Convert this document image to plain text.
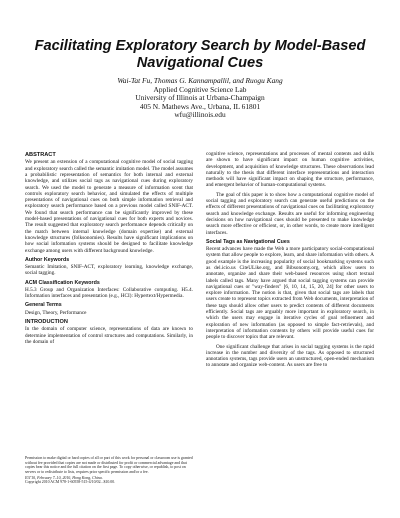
Facilitating Exploratory Search by Model-Based Navigational Cues
Wai-Tat Fu, Thomas G. Kannampallil, and Ruogu Kang
Applied Cognitive Science Lab
University of Illinois at Urbana-Champaign
405 N. Mathews Ave., Urbana, IL 61801
wfu@illinois.edu
ABSTRACT

We present an extension of a computational cognitive model of social tagging and exploratory search called the semantic imitation model. The model assumes a probabilistic representation of semantics for both internal and external knowledge, and utilizes social tags as navigational cues during exploratory search. We used the model to generate a measure of information scent that controls exploratory search behavior, and simulated the effects of multiple presentations of navigational cues on both simple information retrieval and exploratory search performance based on a previous model called SNIF-ACT. We found that search performance can be significantly improved by these model-based presentations of navigational cues for both experts and novices. The result suggested that exploratory search performance depends critically on the match between internal knowledge (domain expertise) and external knowledge structures (folksonomies). Results have significant implications on how social information systems should be designed to facilitate knowledge exchange among users with different background knowledge.

Author Keywords

Semantic Imitation, SNIF-ACT, exploratory learning, knowledge exchange, social tagging.

ACM Classification Keywords

H.5.3 Group and Organization Interfaces: Collaborative computing. H5.4. Information interfaces and presentation (e.g., HCI): Hypertext/Hypermedia.

General Terms

Design, Theory, Performance

INTRODUCTION

In the domain of computer science, representations of data are known to determine implementation of control structures and computations. Similarly, in the domain of

Permission to make digital or hard copies of all or part of this work for personal or classroom use is granted without fee provided that copies are not made or distributed for profit or commercial advantage and that copies bear this notice and the full citation on the first page. To copy otherwise, or republish, to post on servers or to redistribute to lists, requires prior specific permission and/or a fee.

IUI'10, February 7–10, 2010, Hong Kong, China.

Copyright 2010 ACM 978-1-60558-515-4/10/02...$10.00.

cognitive science, representations and processes of mental contents and skills are shown to have significant impact on human cognitive activities, development, and acquisition of knowledge structures. These observations lead naturally to the thesis that different interface representations and interaction methods will have significant impact on shaping the structure, performance, and emergent behavior of human-computational systems.

The goal of this paper is to show how a computational cognitive model of social tagging and exploratory search can generate useful predictions on the effects of different presentations of navigational cues on facilitating exploratory search and knowledge exchange. Results are useful for informing engineering decisions on how navigational cues should be presented to make knowledge search more effective or efficient, or, in other words, to create more intelligent interfaces.

Social Tags as Navigational Cues

Recent advances have made the Web a more participatory social-computational system that allow people to explore, learn, and share information with others. A good example is the increasing popularity of social bookmarking systems such as del.icio.us CiteULike.org, and Bibsonomy.org, which allow users to annotate, organize and share their web-based resources using short textual labels called tags. Many have argued that social tagging systems can provide navigational cues or "way-finders" [6, 10, 14, 15, 20, 24] for other users to explore information. The notion is that, given that social tags are labels that users create to represent topics extracted from Web documents, interpretation of these tags should allow other users to predict contents of different documents efficiently. Social tags are arguably more important in exploratory search, in which the users may engage in iterative cycles of goal refinement and exploration of new information (as opposed to simple fact-retrievals), and interpretation of information contents by others will provide useful cues for people to discover topics that are relevant.

One significant challenge that arises in social tagging systems is the rapid increase in the number and diversity of the tags. As opposed to structured annotation systems, tags provide users an unstructured, open-ended mechanism to annotate and organize web-content. As users are free to
